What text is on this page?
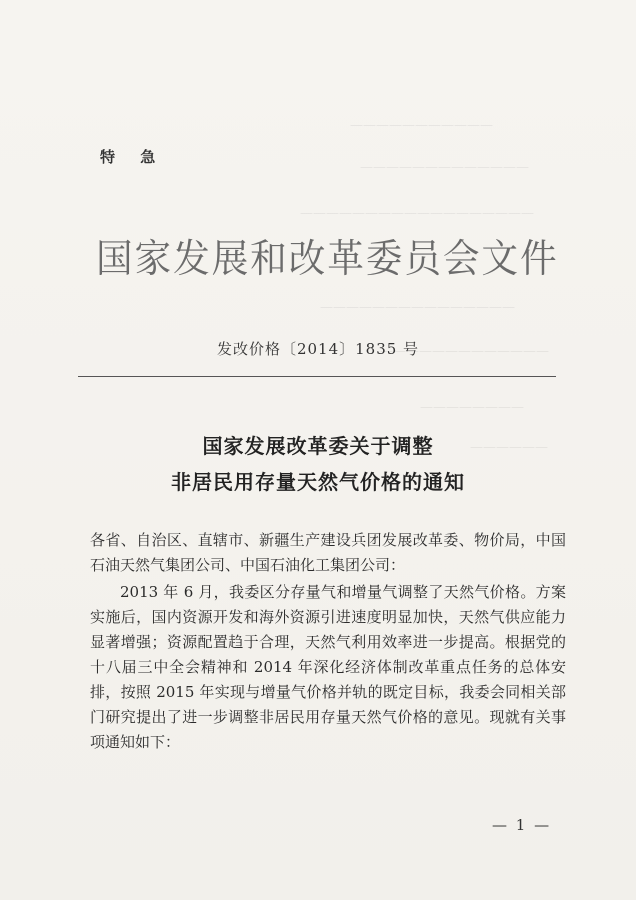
———————————
—————————————
——————————————————
———————————————
—————————————
————————
——————
特 急
国家发展和改革委员会文件
发改价格〔2014〕1835 号
国家发展改革委关于调整
非居民用存量天然气价格的通知
各省、自治区、直辖市、新疆生产建设兵团发展改革委、物价局，中国石油天然气集团公司、中国石油化工集团公司：
2013 年 6 月，我委区分存量气和增量气调整了天然气价格。方案实施后，国内资源开发和海外资源引进速度明显加快，天然气供应能力显著增强；资源配置趋于合理，天然气利用效率进一步提高。根据党的十八届三中全会精神和 2014 年深化经济体制改革重点任务的总体安排，按照 2015 年实现与增量气价格并轨的既定目标，我委会同相关部门研究提出了进一步调整非居民用存量天然气价格的意见。现就有关事项通知如下：
— 1 —
